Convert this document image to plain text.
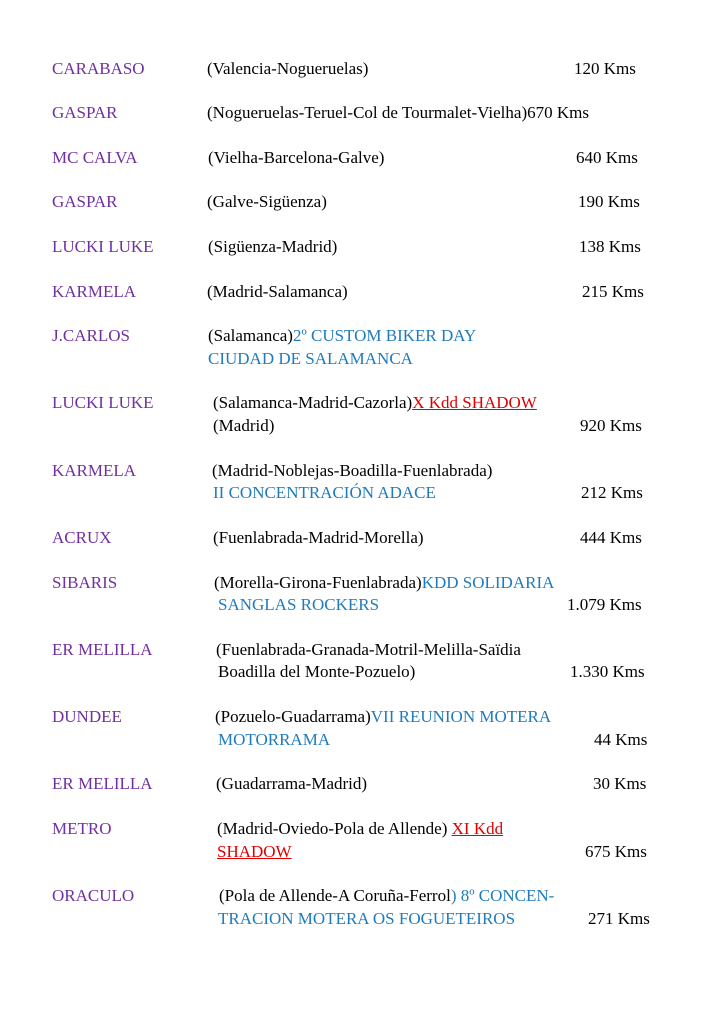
CARABASO	(Valencia-Nogueruelas)	120 Kms
GASPAR	(Nogueruelas-Teruel-Col de Tourmalet-Vielha)670 Kms
MC CALVA	(Vielha-Barcelona-Galve)	640 Kms
GASPAR	(Galve-Sigüenza)	190 Kms
LUCKI LUKE	(Sigüenza-Madrid)	138 Kms
KARMELA	(Madrid-Salamanca)	215 Kms
J.CARLOS	(Salamanca)2º CUSTOM BIKER DAY
CIUDAD DE SALAMANCA
LUCKI LUKE	(Salamanca-Madrid-Cazorla)X Kdd SHADOW
(Madrid)	920 Kms
KARMELA	(Madrid-Noblejas-Boadilla-Fuenlabrada)
II CONCENTRACIÓN ADACE	212 Kms
ACRUX	(Fuenlabrada-Madrid-Morella)	444 Kms
SIBARIS	(Morella-Girona-Fuenlabrada)KDD SOLIDARIA
SANGLAS ROCKERS	1.079 Kms
ER MELILLA	(Fuenlabrada-Granada-Motril-Melilla-Saïdia
Boadilla del Monte-Pozuelo)	1.330 Kms
DUNDEE	(Pozuelo-Guadarrama)VII REUNION MOTERA
MOTORRAMA	44 Kms
ER MELILLA	(Guadarrama-Madrid)	30 Kms
METRO	(Madrid-Oviedo-Pola de Allende) XI Kdd
SHADOW	675 Kms
ORACULO	(Pola de Allende-A Coruña-Ferrol) 8º CONCEN-
TRACION MOTERA OS FOGUETEIROS	271 Kms
